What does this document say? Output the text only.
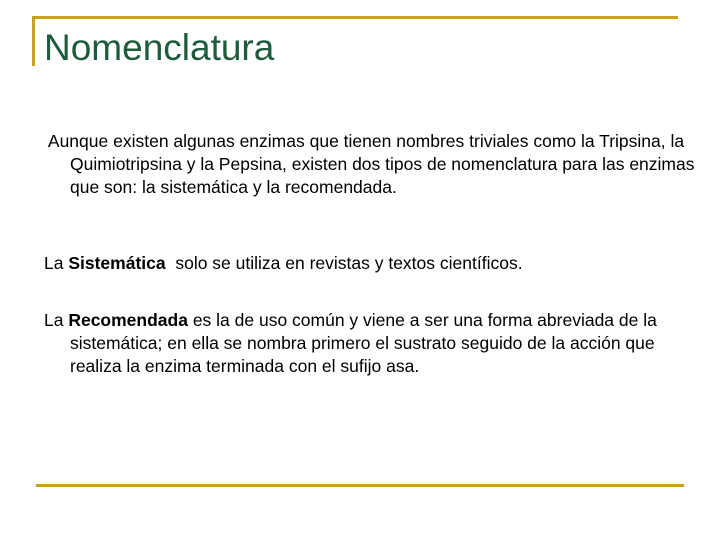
Nomenclatura

Aunque existen algunas enzimas que tienen nombres triviales como la Tripsina, la Quimiotripsina y la Pepsina, existen dos tipos de nomenclatura para las enzimas que son: la sistemática y la recomendada.

La Sistemática  solo se utiliza en revistas y textos científicos.

La Recomendada es la de uso común y viene a ser una forma abreviada de la sistemática; en ella se nombra primero el sustrato seguido de la acción que realiza la enzima terminada con el sufijo asa.
